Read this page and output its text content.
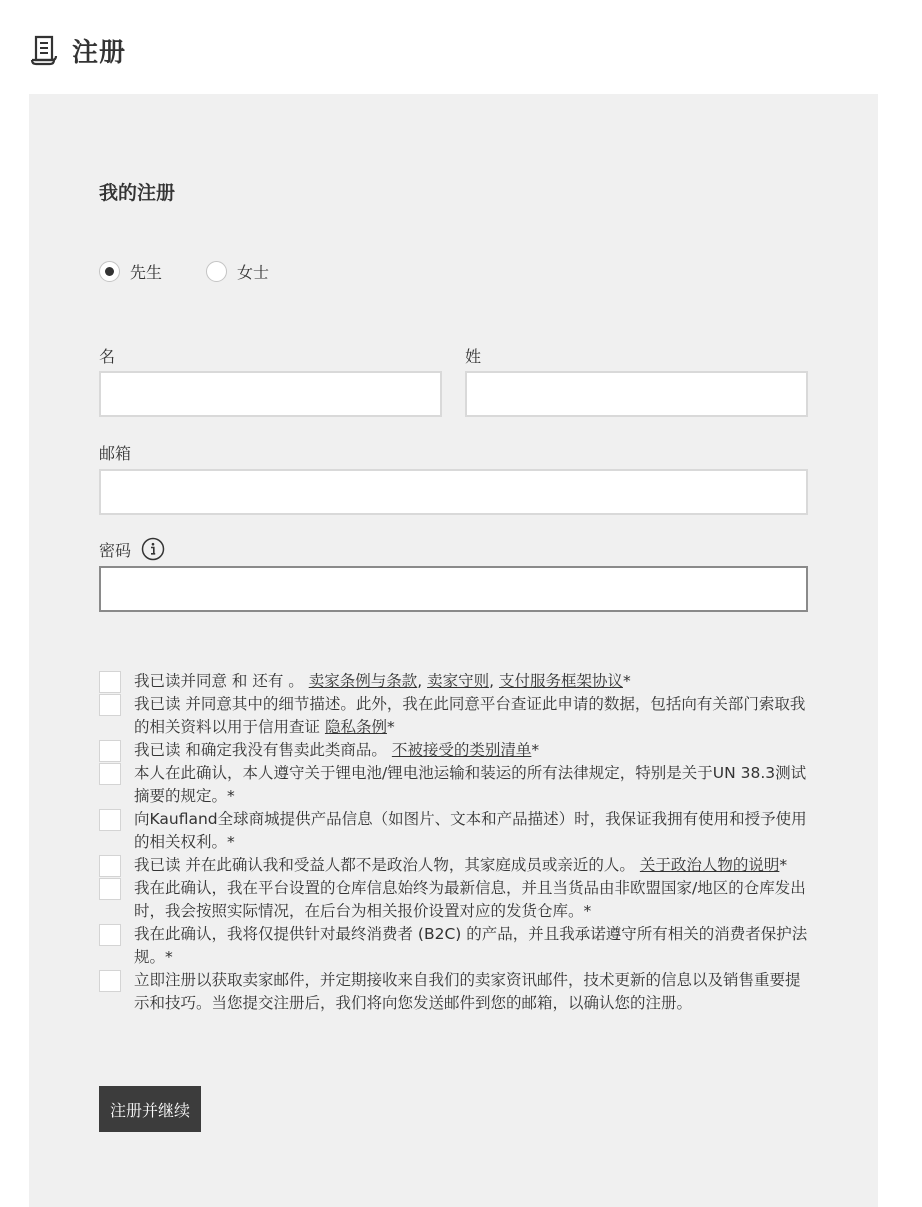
注册
我的注册
先生	女士
名	姓
邮箱
密码
我已读并同意 和 还有 。 卖家条例与条款, 卖家守则, 支付服务框架协议*
我已读 并同意其中的细节描述。此外，我在此同意平台查证此申请的数据，包括向有关部门索取我的相关资料以用于信用查证 隐私条例*
我已读 和确定我没有售卖此类商品。 不被接受的类别清单*
本人在此确认，本人遵守关于锂电池/锂电池运输和装运的所有法律规定，特别是关于UN 38.3测试摘要的规定。*
向Kaufland全球商城提供产品信息（如图片、文本和产品描述）时，我保证我拥有使用和授予使用的相关权利。*
我已读 并在此确认我和受益人都不是政治人物，其家庭成员或亲近的人。 关于政治人物的说明*
我在此确认，我在平台设置的仓库信息始终为最新信息，并且当货品由非欧盟国家/地区的仓库发出时，我会按照实际情况，在后台为相关报价设置对应的发货仓库。*
我在此确认，我将仅提供针对最终消费者 (B2C) 的产品，并且我承诺遵守所有相关的消费者保护法规。*
立即注册以获取卖家邮件，并定期接收来自我们的卖家资讯邮件，技术更新的信息以及销售重要提示和技巧。当您提交注册后，我们将向您发送邮件到您的邮箱，以确认您的注册。
注册并继续
